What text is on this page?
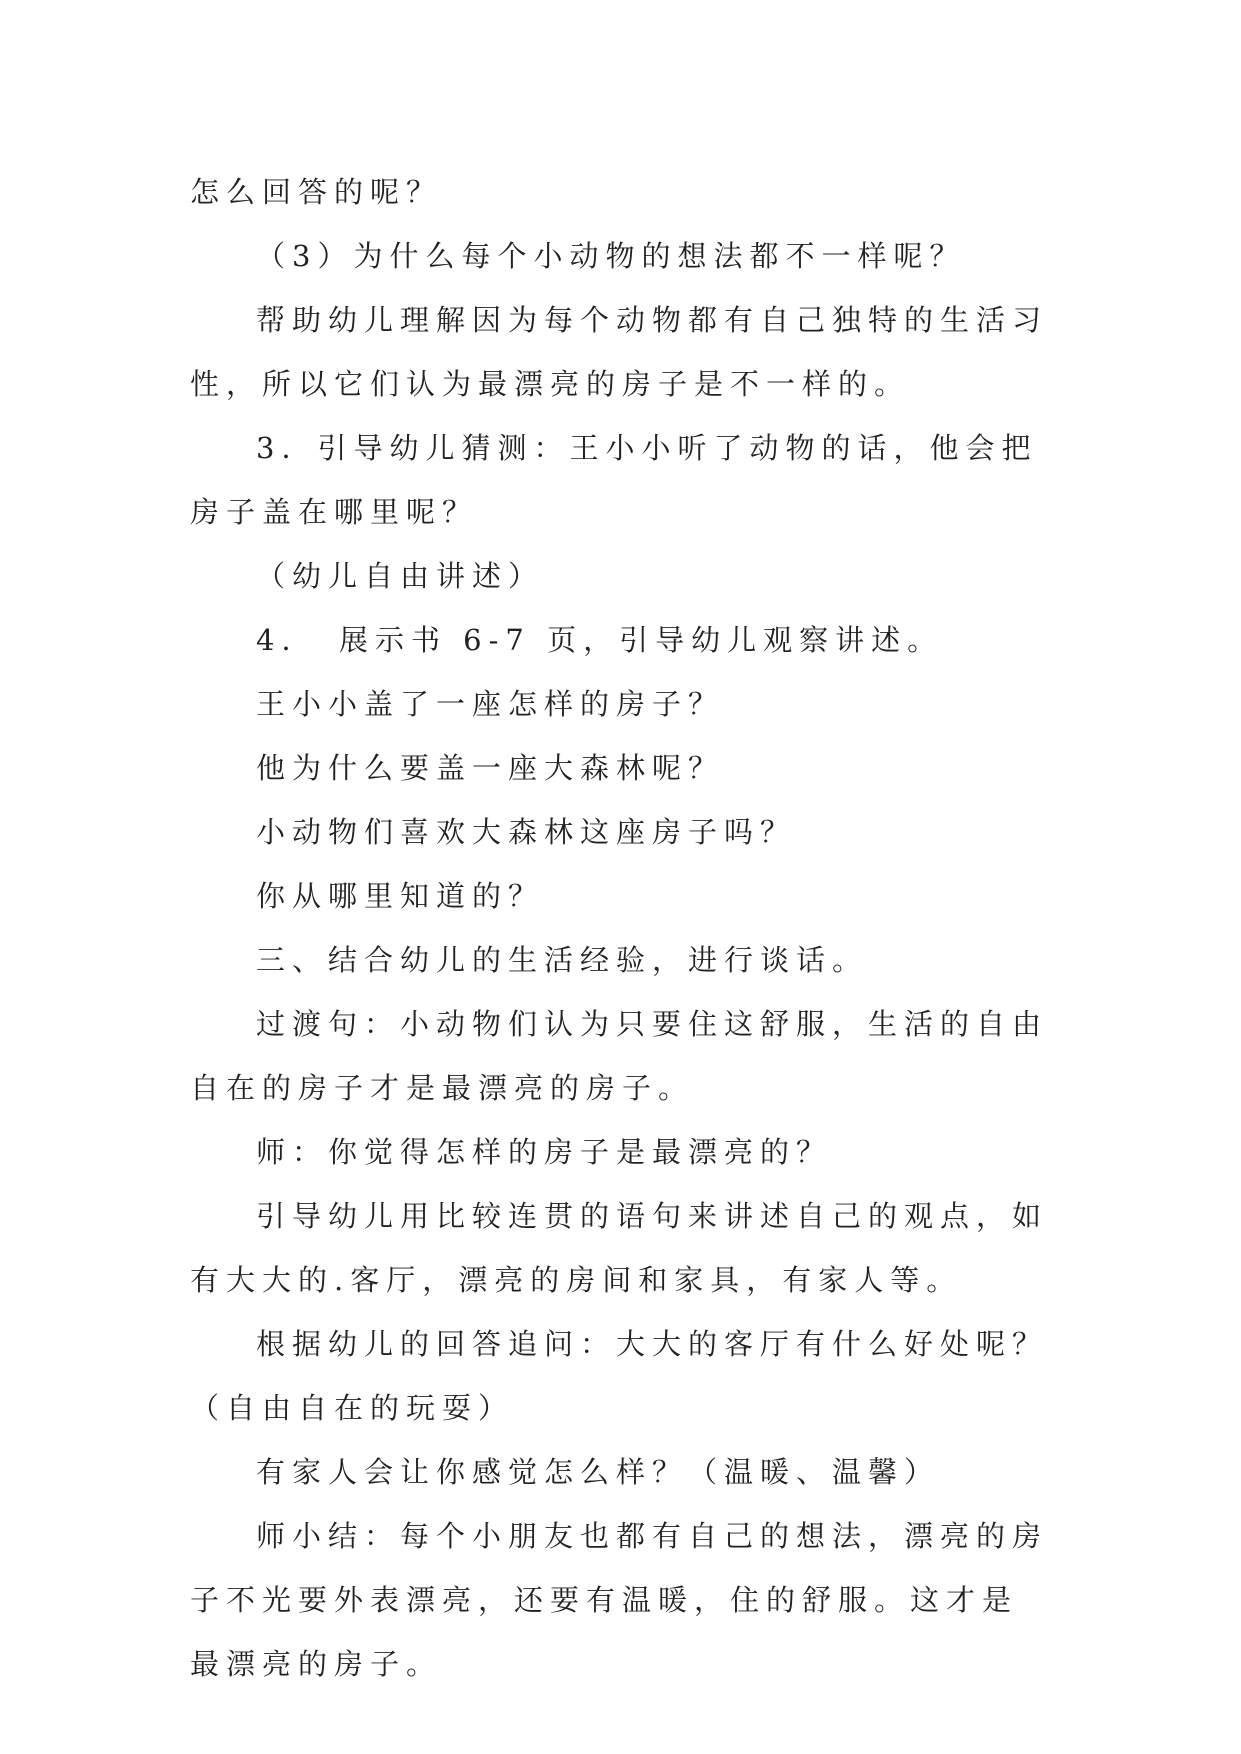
怎么回答的呢？

（3）为什么每个小动物的想法都不一样呢？

帮助幼儿理解因为每个动物都有自己独特的生活习性，所以它们认为最漂亮的房子是不一样的。

3．引导幼儿猜测：王小小听了动物的话，他会把房子盖在哪里呢？

（幼儿自由讲述）

4．　展示书 6-7 页，引导幼儿观察讲述。

王小小盖了一座怎样的房子？

他为什么要盖一座大森林呢？

小动物们喜欢大森林这座房子吗？

你从哪里知道的？

三、结合幼儿的生活经验，进行谈话。

过渡句：小动物们认为只要住这舒服，生活的自由自在的房子才是最漂亮的房子。

师：你觉得怎样的房子是最漂亮的？

引导幼儿用比较连贯的语句来讲述自己的观点，如有大大的.客厅，漂亮的房间和家具，有家人等。

根据幼儿的回答追问：大大的客厅有什么好处呢？（自由自在的玩耍）

有家人会让你感觉怎么样？（温暖、温馨）

师小结：每个小朋友也都有自己的想法，漂亮的房子不光要外表漂亮，还要有温暖，住的舒服。这才是最漂亮的房子。
